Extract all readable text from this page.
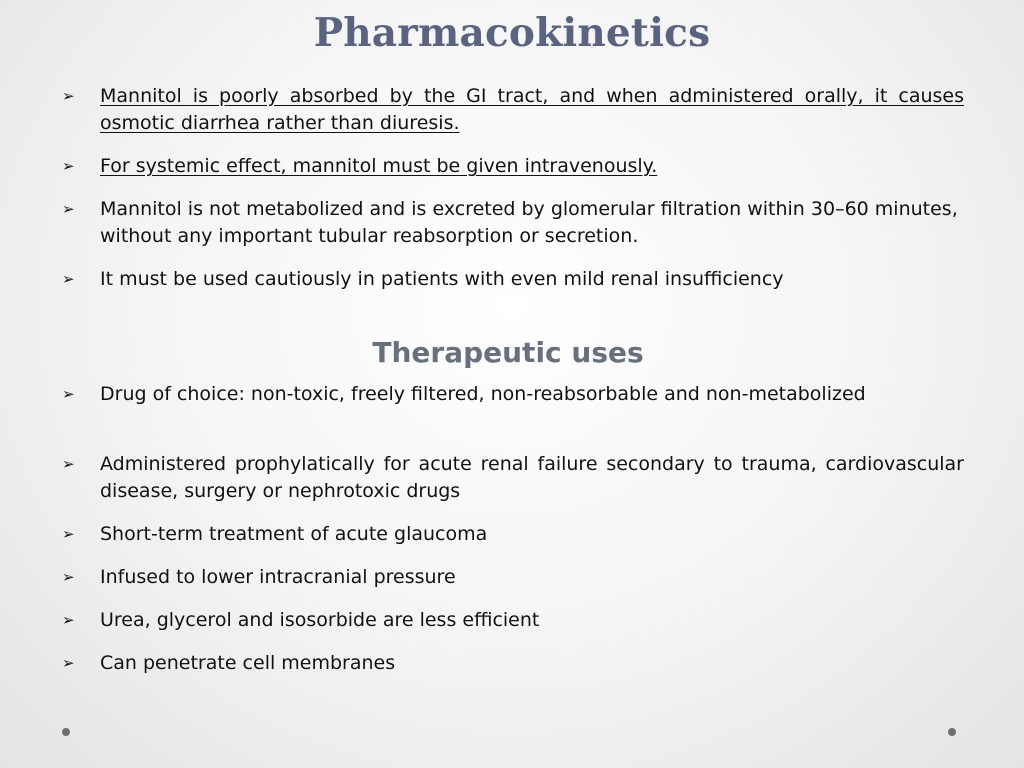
Pharmacokinetics
➢ Mannitol is poorly absorbed by the GI tract, and when administered orally, it causes osmotic diarrhea rather than diuresis.
➢ For systemic effect, mannitol must be given intravenously.
➢ Mannitol is not metabolized and is excreted by glomerular filtration within 30–60 minutes, without any important tubular reabsorption or secretion.
➢ It must be used cautiously in patients with even mild renal insufficiency
Therapeutic uses
➢ Drug of choice: non-toxic, freely filtered, non-reabsorbable and non-metabolized
➢ Administered prophylatically for acute renal failure secondary to trauma, cardiovascular disease, surgery or nephrotoxic drugs
➢ Short-term treatment of acute glaucoma
➢ Infused to lower intracranial pressure
➢ Urea, glycerol and isosorbide are less efficient
➢ Can penetrate cell membranes
